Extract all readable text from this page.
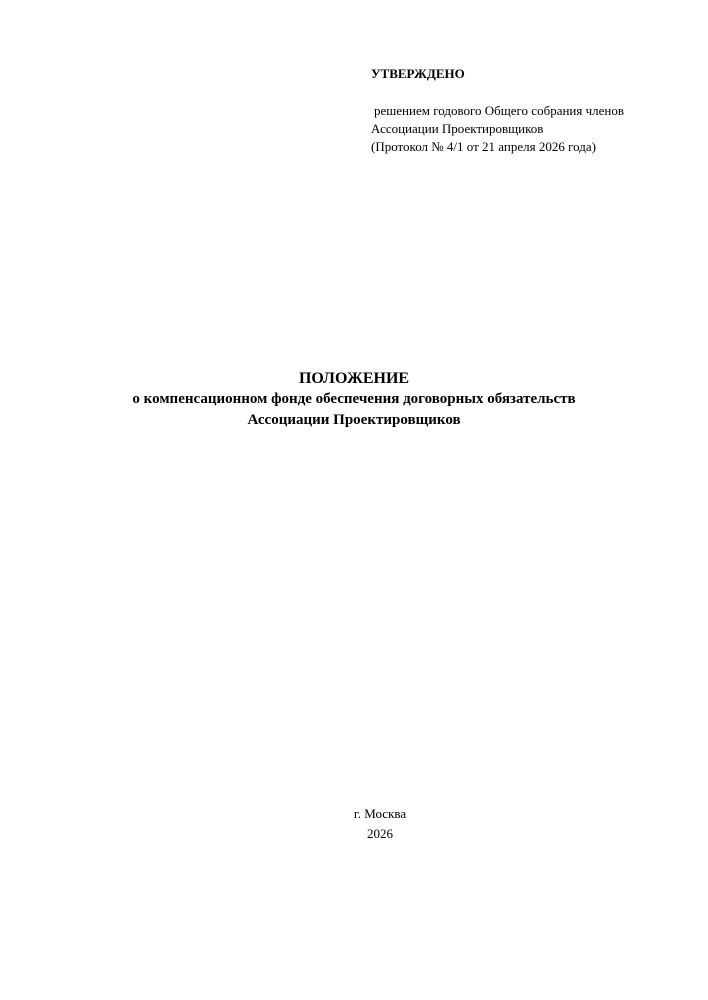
УТВЕРЖДЕНО

решением годового Общего собрания членов

Ассоциации Проектировщиков

(Протокол № 4/1 от 21 апреля 2026 года)

ПОЛОЖЕНИЕ

о компенсационном фонде обеспечения договорных обязательств

Ассоциации Проектировщиков

г. Москва

2026
